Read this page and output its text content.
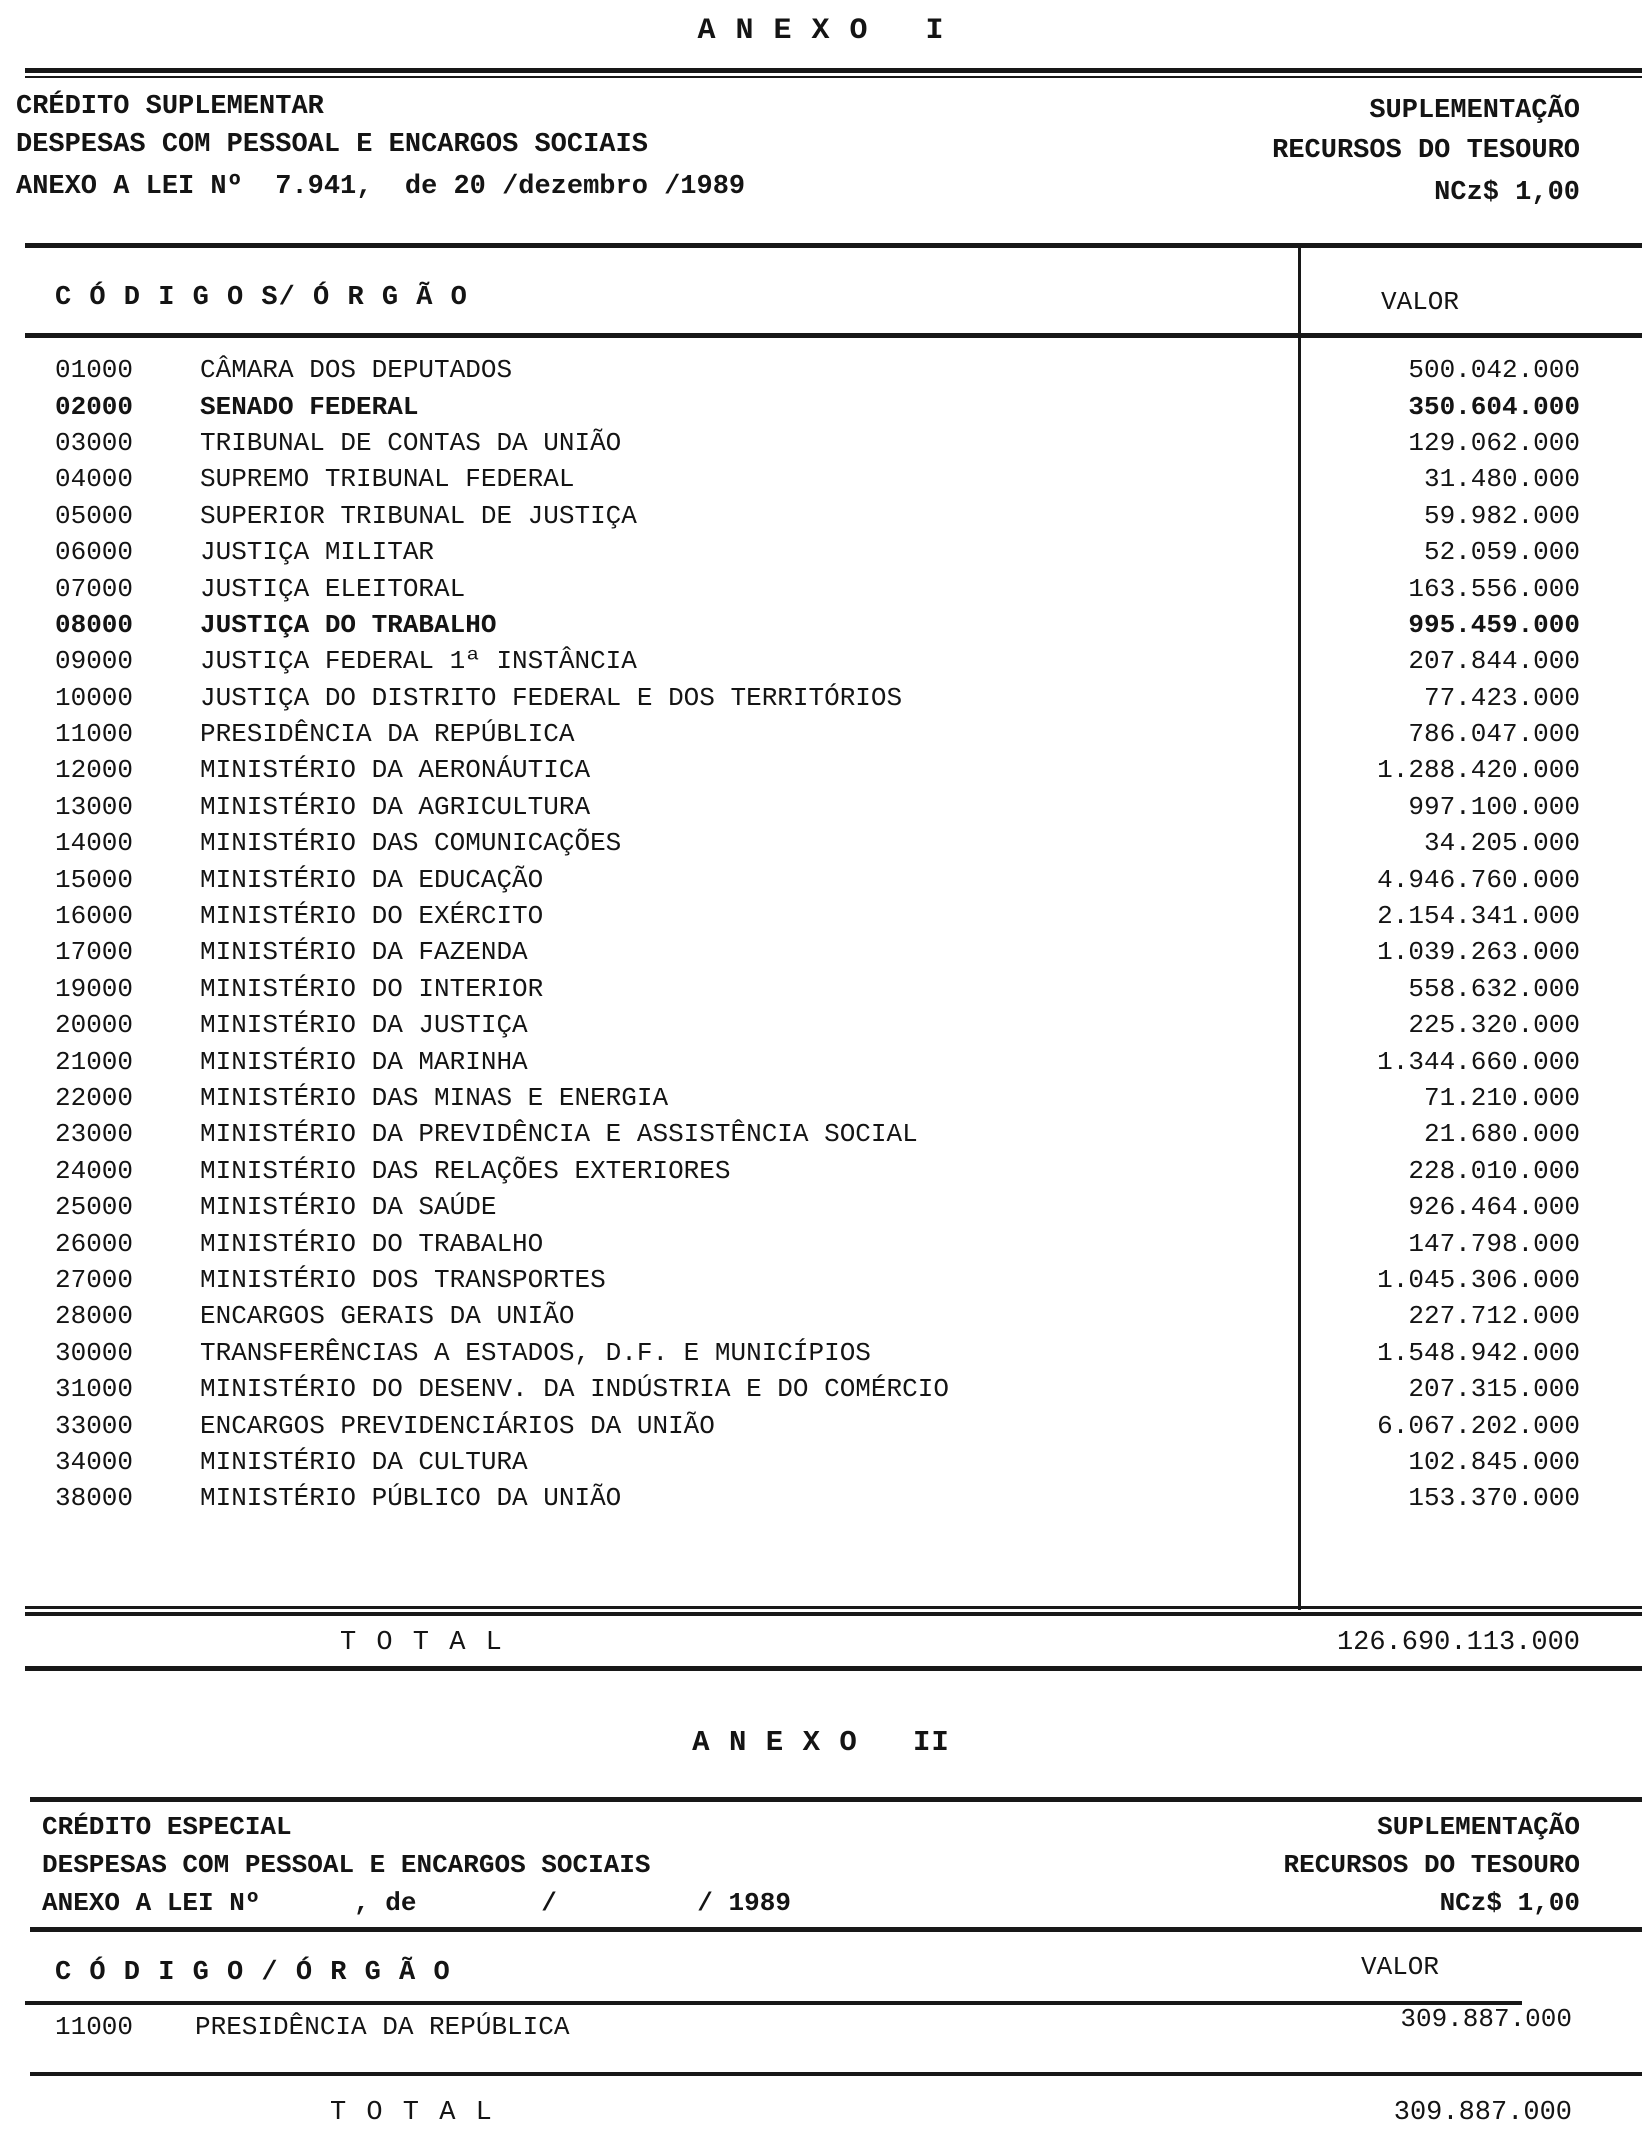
A N E X O   I
CRÉDITO SUPLEMENTAR
DESPESAS COM PESSOAL E ENCARGOS SOCIAIS
ANEXO A LEI Nº  7.941,  de 20 /dezembro /1989
SUPLEMENTAÇÃO
RECURSOS DO TESOURO
NCz$ 1,00
C Ó D I G O S/ Ó R G Ã O	VALOR
01000	CÂMARA DOS DEPUTADOS	500.042.000
02000	SENADO FEDERAL	350.604.000
03000	TRIBUNAL DE CONTAS DA UNIÃO	129.062.000
04000	SUPREMO TRIBUNAL FEDERAL	31.480.000
05000	SUPERIOR TRIBUNAL DE JUSTIÇA	59.982.000
06000	JUSTIÇA MILITAR	52.059.000
07000	JUSTIÇA ELEITORAL	163.556.000
08000	JUSTIÇA DO TRABALHO	995.459.000
09000	JUSTIÇA FEDERAL 1ª INSTÂNCIA	207.844.000
10000	JUSTIÇA DO DISTRITO FEDERAL E DOS TERRITÓRIOS	77.423.000
11000	PRESIDÊNCIA DA REPÚBLICA	786.047.000
12000	MINISTÉRIO DA AERONÁUTICA	1.288.420.000
13000	MINISTÉRIO DA AGRICULTURA	997.100.000
14000	MINISTÉRIO DAS COMUNICAÇÕES	34.205.000
15000	MINISTÉRIO DA EDUCAÇÃO	4.946.760.000
16000	MINISTÉRIO DO EXÉRCITO	2.154.341.000
17000	MINISTÉRIO DA FAZENDA	1.039.263.000
19000	MINISTÉRIO DO INTERIOR	558.632.000
20000	MINISTÉRIO DA JUSTIÇA	225.320.000
21000	MINISTÉRIO DA MARINHA	1.344.660.000
22000	MINISTÉRIO DAS MINAS E ENERGIA	71.210.000
23000	MINISTÉRIO DA PREVIDÊNCIA E ASSISTÊNCIA SOCIAL	21.680.000
24000	MINISTÉRIO DAS RELAÇÕES EXTERIORES	228.010.000
25000	MINISTÉRIO DA SAÚDE	926.464.000
26000	MINISTÉRIO DO TRABALHO	147.798.000
27000	MINISTÉRIO DOS TRANSPORTES	1.045.306.000
28000	ENCARGOS GERAIS DA UNIÃO	227.712.000
30000	TRANSFERÊNCIAS A ESTADOS, D.F. E MUNICÍPIOS	1.548.942.000
31000	MINISTÉRIO DO DESENV. DA INDÚSTRIA E DO COMÉRCIO	207.315.000
33000	ENCARGOS PREVIDENCIÁRIOS DA UNIÃO	6.067.202.000
34000	MINISTÉRIO DA CULTURA	102.845.000
38000	MINISTÉRIO PÚBLICO DA UNIÃO	153.370.000
T O T A L	126.690.113.000
A N E X O   II
CRÉDITO ESPECIAL
DESPESAS COM PESSOAL E ENCARGOS SOCIAIS
ANEXO A LEI Nº      , de        /         / 1989
SUPLEMENTAÇÃO
RECURSOS DO TESOURO
NCz$ 1,00
C Ó D I G O / Ó R G Ã O	VALOR
11000 PRESIDÊNCIA DA REPÚBLICA	309.887.000
T O T A L	309.887.000
